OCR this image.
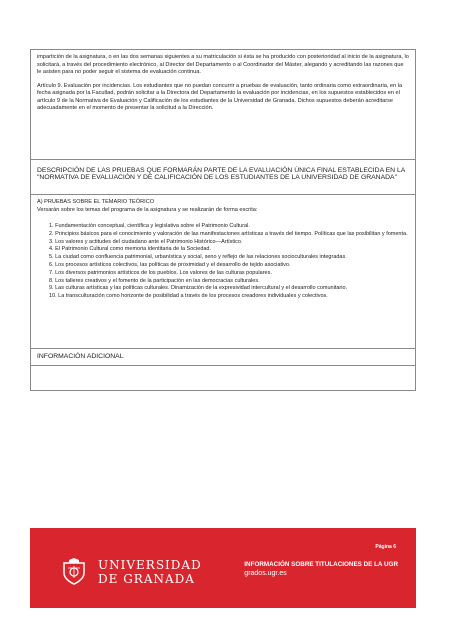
impartición de la asignatura, o en las dos semanas siguientes a su matriculación si ésta se ha producido con posterioridad al inicio de la asignatura, lo solicitará, a través del procedimiento electrónico, al Director del Departamento o al Coordinador del Máster, alegando y acreditando las razones que le asisten para no poder seguir el sistema de evaluación continua.

Artículo 9. Evaluación por incidencias. Los estudiantes que no puedan concurrir a pruebas de evaluación, tanto ordinaria como extraordinaria, en la fecha asignada por la Facultad, podrán solicitar a la Directora del Departamento la evaluación por incidencias, en los supuestos establecidos en el artículo 9 de la Normativa de Evaluación y Calificación de los estudiantes de la Universidad de Granada. Dichos supuestos deberán acreditarse adecuadamente en el momento de presentar la solicitud a la Dirección.

DESCRIPCIÓN DE LAS PRUEBAS QUE FORMARÁN PARTE DE LA EVALUACIÓN ÚNICA FINAL ESTABLECIDA EN LA "NORMATIVA DE EVALUACIÓN Y DE CALIFICACIÓN DE LOS ESTUDIANTES DE LA UNIVERSIDAD DE GRANADA"

A) PRUEBAS SOBRE EL TEMARIO TEÓRICO

Versarán sobre los temas del programa de la asignatura y se realizarán de forma escrita:

1. Fundamentación conceptual, científica y legislativa sobre el Patrimonio Cultural.
2. Principios básicos para el conocimiento y valoración de las manifestaciones artísticas a través del tiempo. Políticas que las posibilitan y fomenta.
3. Los valores y actitudes del ciudadano ante el Patrimonio Histórico—Artístico.
4. El Patrimonio Cultural como memoria identitaria de la Sociedad.
5. La ciudad como confluencia patrimonial, urbanística y social, seno y reflejo de las relaciones socioculturales integradas.
6. Los procesos artísticos colectivos, las políticas de proximidad y el desarrollo de tejido asociativo.
7. Los diversos patrimonios artísticos de los pueblos. Los valores de las culturas populares.
8. Los talleres creativos y el fomento de la participación en las democracias culturales.
9. Las culturas artísticas y las políticas culturales. Dinamización de la expresividad intercultural y el desarrollo comunitario.
10. La transculturación como horizonte de posibilidad a través de los procesos creadores individuales y colectivos.

INFORMACIÓN ADICIONAL

UNIVERSIDAD
DE GRANADA
Página 6
INFORMACIÓN SOBRE TITULACIONES DE LA UGR
grados.ugr.es
